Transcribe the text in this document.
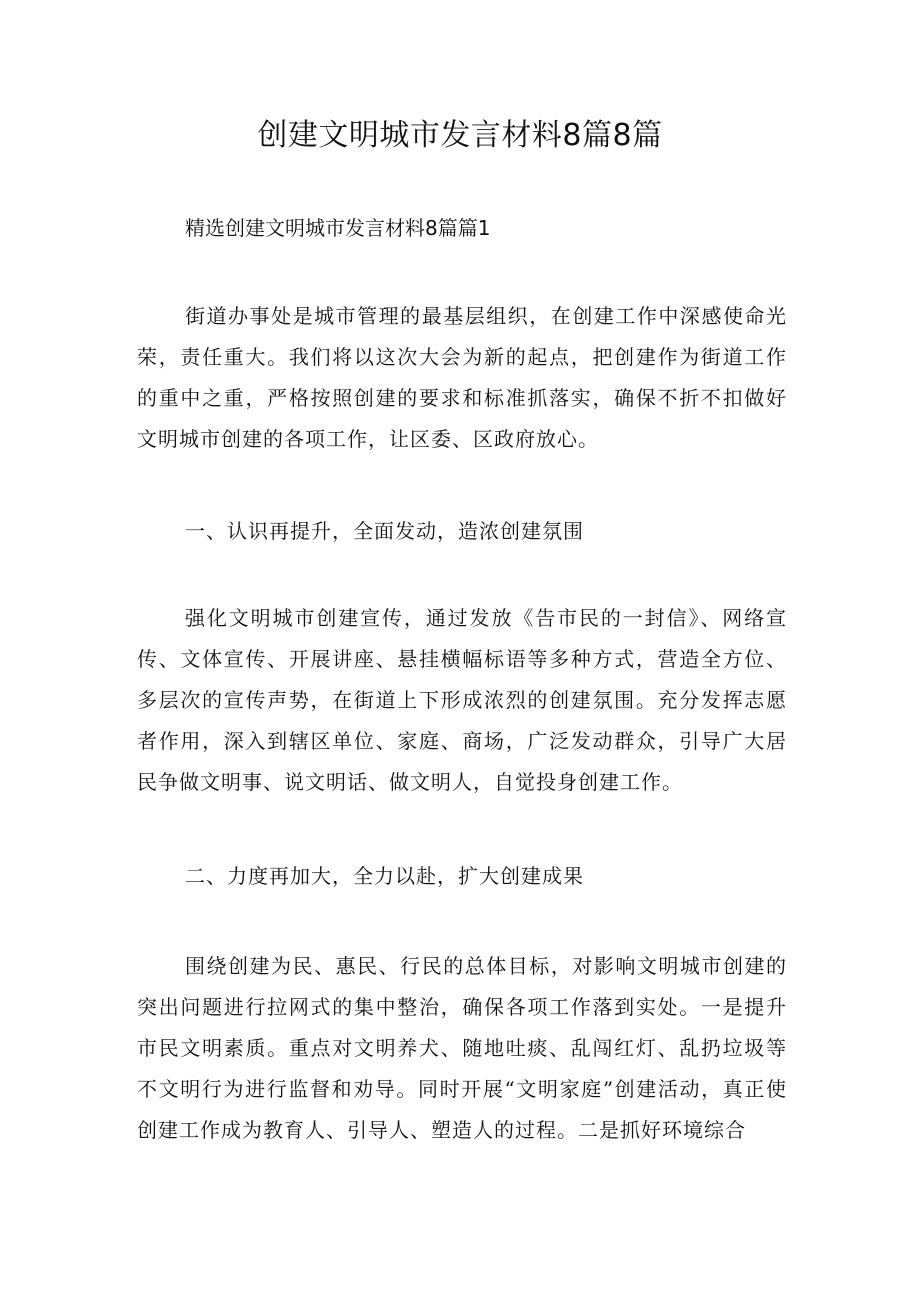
创建文明城市发言材料8篇8篇
精选创建文明城市发言材料8篇篇1
街道办事处是城市管理的最基层组织，在创建工作中深感使命光荣，责任重大。我们将以这次大会为新的起点，把创建作为街道工作的重中之重，严格按照创建的要求和标准抓落实，确保不折不扣做好文明城市创建的各项工作，让区委、区政府放心。
一、认识再提升，全面发动，造浓创建氛围
强化文明城市创建宣传，通过发放《告市民的一封信》、网络宣传、文体宣传、开展讲座、悬挂横幅标语等多种方式，营造全方位、多层次的宣传声势，在街道上下形成浓烈的创建氛围。充分发挥志愿者作用，深入到辖区单位、家庭、商场，广泛发动群众，引导广大居民争做文明事、说文明话、做文明人，自觉投身创建工作。
二、力度再加大，全力以赴，扩大创建成果
围绕创建为民、惠民、行民的总体目标，对影响文明城市创建的突出问题进行拉网式的集中整治，确保各项工作落到实处。一是提升市民文明素质。重点对文明养犬、随地吐痰、乱闯红灯、乱扔垃圾等不文明行为进行监督和劝导。同时开展“文明家庭”创建活动，真正使创建工作成为教育人、引导人、塑造人的过程。二是抓好环境综合
